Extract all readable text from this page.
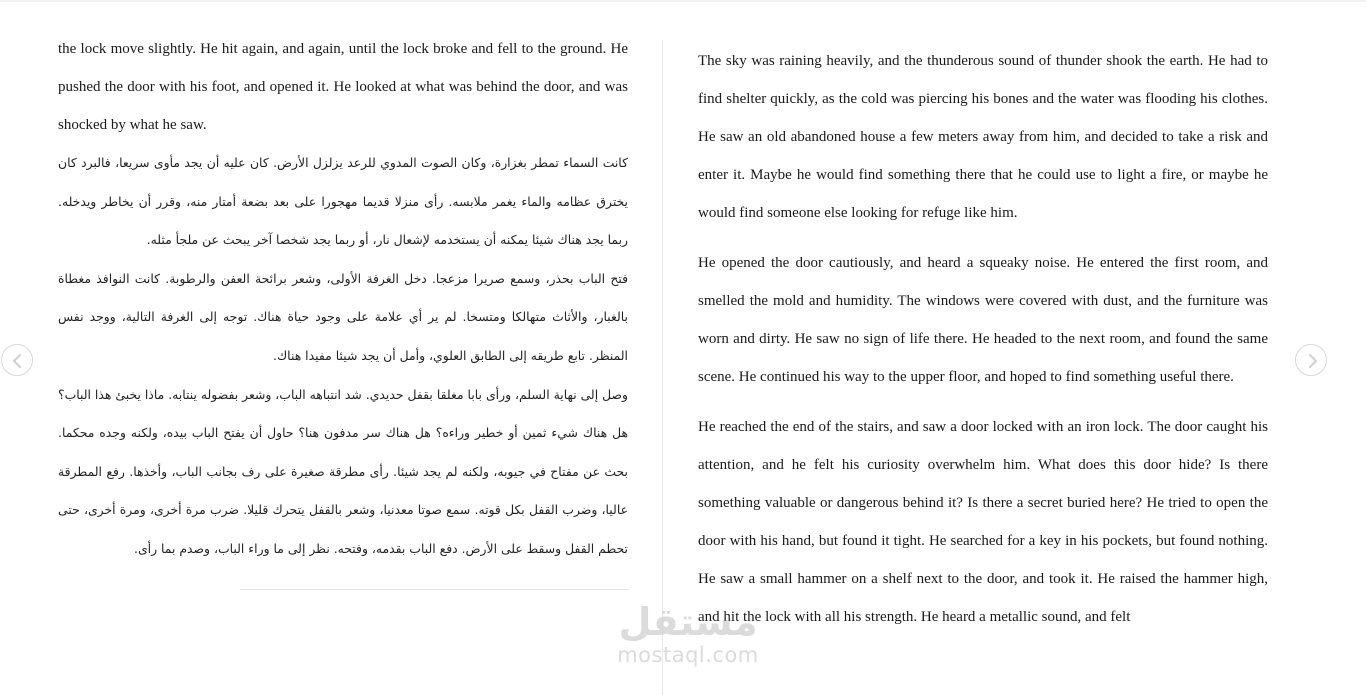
the lock move slightly. He hit again, and again, until the lock broke and fell to the ground. He pushed the door with his foot, and opened it. He looked at what was behind the door, and was shocked by what he saw.

كانت السماء تمطر بغزارة، وكان الصوت المدوي للرعد يزلزل الأرض. كان عليه أن يجد مأوى سريعا، فالبرد كان يخترق عظامه والماء يغمر ملابسه. رأى منزلا قديما مهجورا على بعد بضعة أمتار منه، وقرر أن يخاطر ويدخله. ربما يجد هناك شيئا يمكنه أن يستخدمه لإشعال نار، أو ربما يجد شخصا آخر يبحث عن ملجأ مثله.

فتح الباب بحذر، وسمع صريرا مزعجا. دخل الغرفة الأولى، وشعر برائحة العفن والرطوبة. كانت النوافذ مغطاة بالغبار، والأثاث متهالكا ومتسخا. لم ير أي علامة على وجود حياة هناك. توجه إلى الغرفة التالية، ووجد نفس المنظر. تابع طريقه إلى الطابق العلوي، وأمل أن يجد شيئا مفيدا هناك.

وصل إلى نهاية السلم، ورأى بابا مغلقا بقفل حديدي. شد انتباهه الباب، وشعر بفضوله ينتابه. ماذا يخبئ هذا الباب؟ هل هناك شيء ثمين أو خطير وراءه؟ هل هناك سر مدفون هنا؟ حاول أن يفتح الباب بيده، ولكنه وجده محكما. بحث عن مفتاح في جيوبه، ولكنه لم يجد شيئا. رأى مطرقة صغيرة على رف بجانب الباب، وأخذها. رفع المطرقة عاليا، وضرب القفل بكل قوته. سمع صوتا معدنيا، وشعر بالقفل يتحرك قليلا. ضرب مرة أخرى، ومرة أخرى، حتى تحطم القفل وسقط على الأرض. دفع الباب بقدمه، وفتحه. نظر إلى ما وراء الباب، وصدم بما رأى.

The sky was raining heavily, and the thunderous sound of thunder shook the earth. He had to find shelter quickly, as the cold was piercing his bones and the water was flooding his clothes. He saw an old abandoned house a few meters away from him, and decided to take a risk and enter it. Maybe he would find something there that he could use to light a fire, or maybe he would find someone else looking for refuge like him.

He opened the door cautiously, and heard a squeaky noise. He entered the first room, and smelled the mold and humidity. The windows were covered with dust, and the furniture was worn and dirty. He saw no sign of life there. He headed to the next room, and found the same scene. He continued his way to the upper floor, and hoped to find something useful there.

He reached the end of the stairs, and saw a door locked with an iron lock. The door caught his attention, and he felt his curiosity overwhelm him. What does this door hide? Is there something valuable or dangerous behind it? Is there a secret buried here? He tried to open the door with his hand, but found it tight. He searched for a key in his pockets, but found nothing. He saw a small hammer on a shelf next to the door, and took it. He raised the hammer high, and hit the lock with all his strength. He heard a metallic sound, and felt

مستقل
mostaql.com
